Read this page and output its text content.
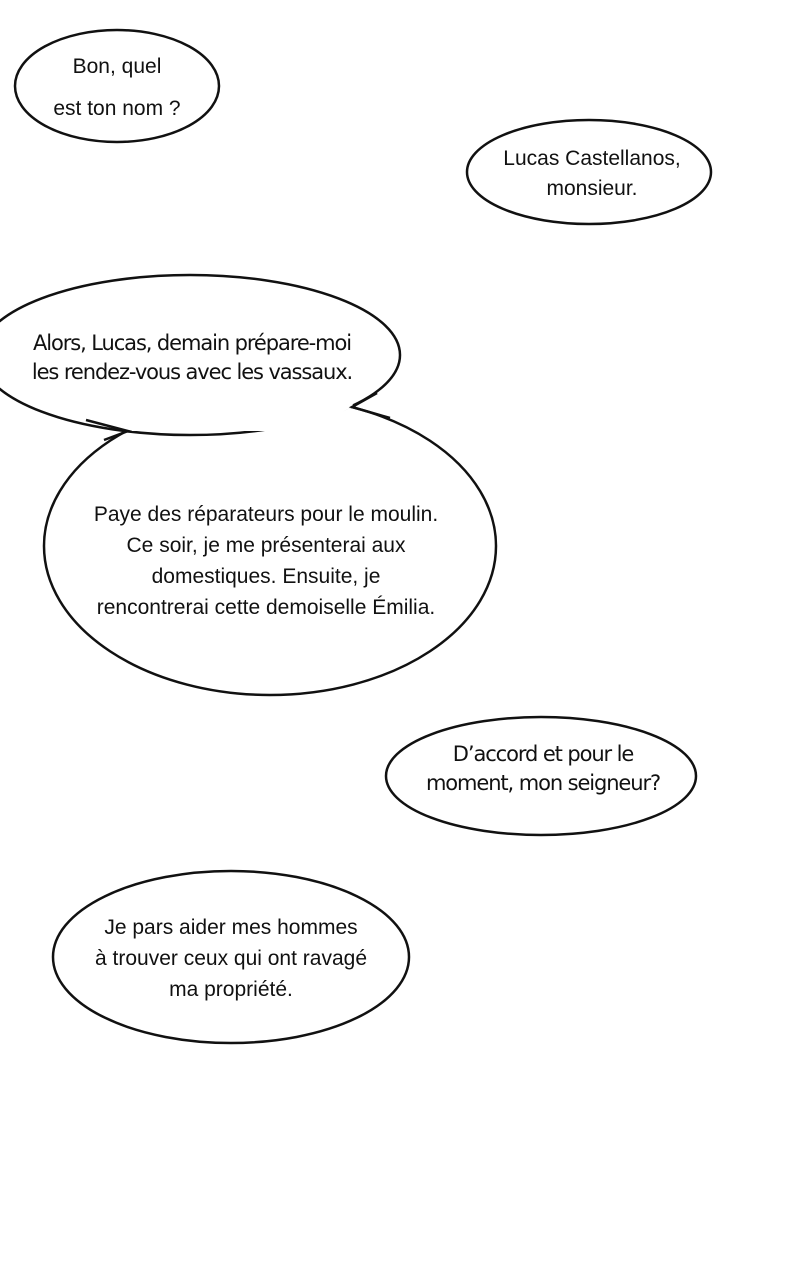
Bon, quel
est ton nom ?
Lucas Castellanos,
monsieur.
Alors, Lucas, demain prépare-moi
les rendez-vous avec les vassaux.
Paye des réparateurs pour le moulin.
Ce soir, je me présenterai aux
domestiques. Ensuite, je
rencontrerai cette demoiselle Émilia.
D’accord et pour le
moment, mon seigneur?
Je pars aider mes hommes
à trouver ceux qui ont ravagé
ma propriété.
